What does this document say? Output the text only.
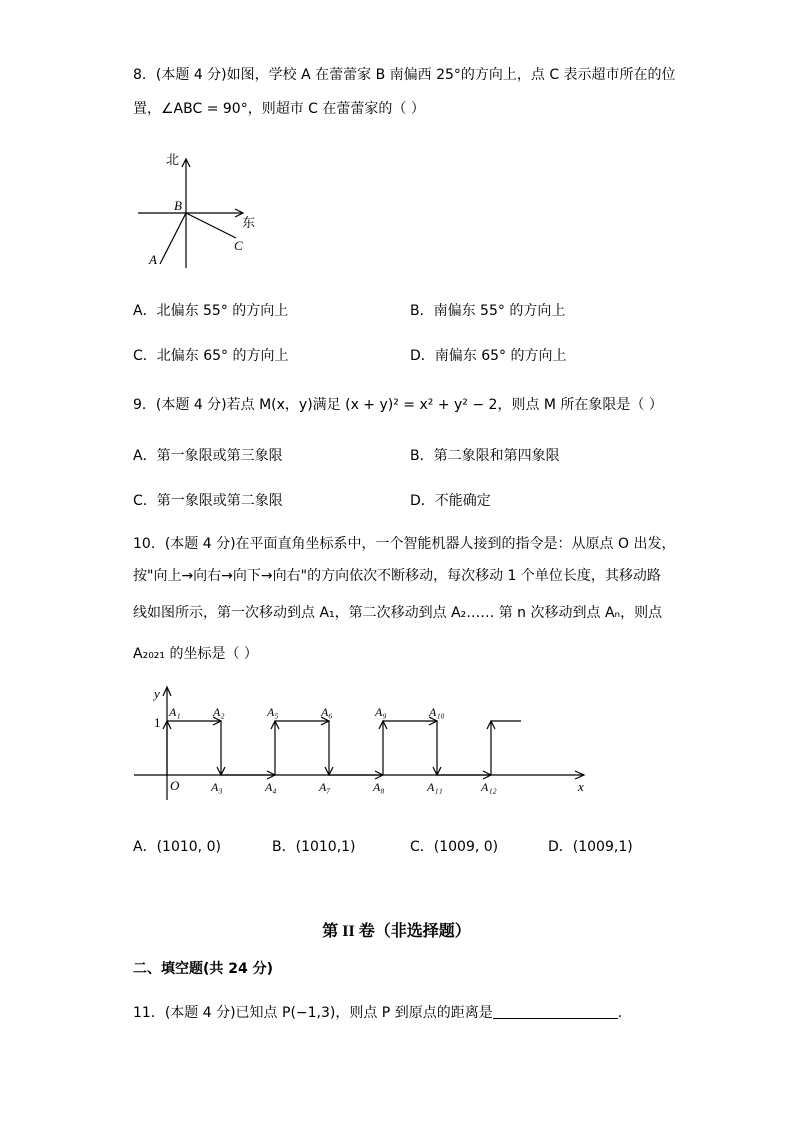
8．(本题 4 分)如图，学校 A 在蕾蕾家 B 南偏西 25°的方向上，点 C 表示超市所在的位
置，∠ABC = 90°，则超市 C 在蕾蕾家的（ ）
北
东
B
A
C
A．北偏东 55° 的方向上	B．南偏东 55° 的方向上
C．北偏东 65° 的方向上	D．南偏东 65° 的方向上
9．(本题 4 分)若点 M(x，y)满足 (x + y)² = x² + y² − 2，则点 M 所在象限是（ ）
A．第一象限或第三象限	B．第二象限和第四象限
C．第一象限或第二象限	D．不能确定
10．(本题 4 分)在平面直角坐标系中，一个智能机器人接到的指令是：从原点 O 出发，
按"向上→向右→向下→向右"的方向依次不断移动，每次移动 1 个单位长度，其移动路
线如图所示，第一次移动到点 A₁，第二次移动到点 A₂…… 第 n 次移动到点 Aₙ，则点
A₂₀₂₁ 的坐标是（ ）
y
x
O
1
A₁	A₂
A₃	A₄
A₅	A₆
A₇	A₈
A₉	A₁₀
A₁₁	A₁₂
A．(1010, 0)	B．(1010,1)	C．(1009, 0)	D．(1009,1)
第 II 卷（非选择题）
二、填空题(共 24 分)
11．(本题 4 分)已知点 P(−1,3)，则点 P 到原点的距离是	.
